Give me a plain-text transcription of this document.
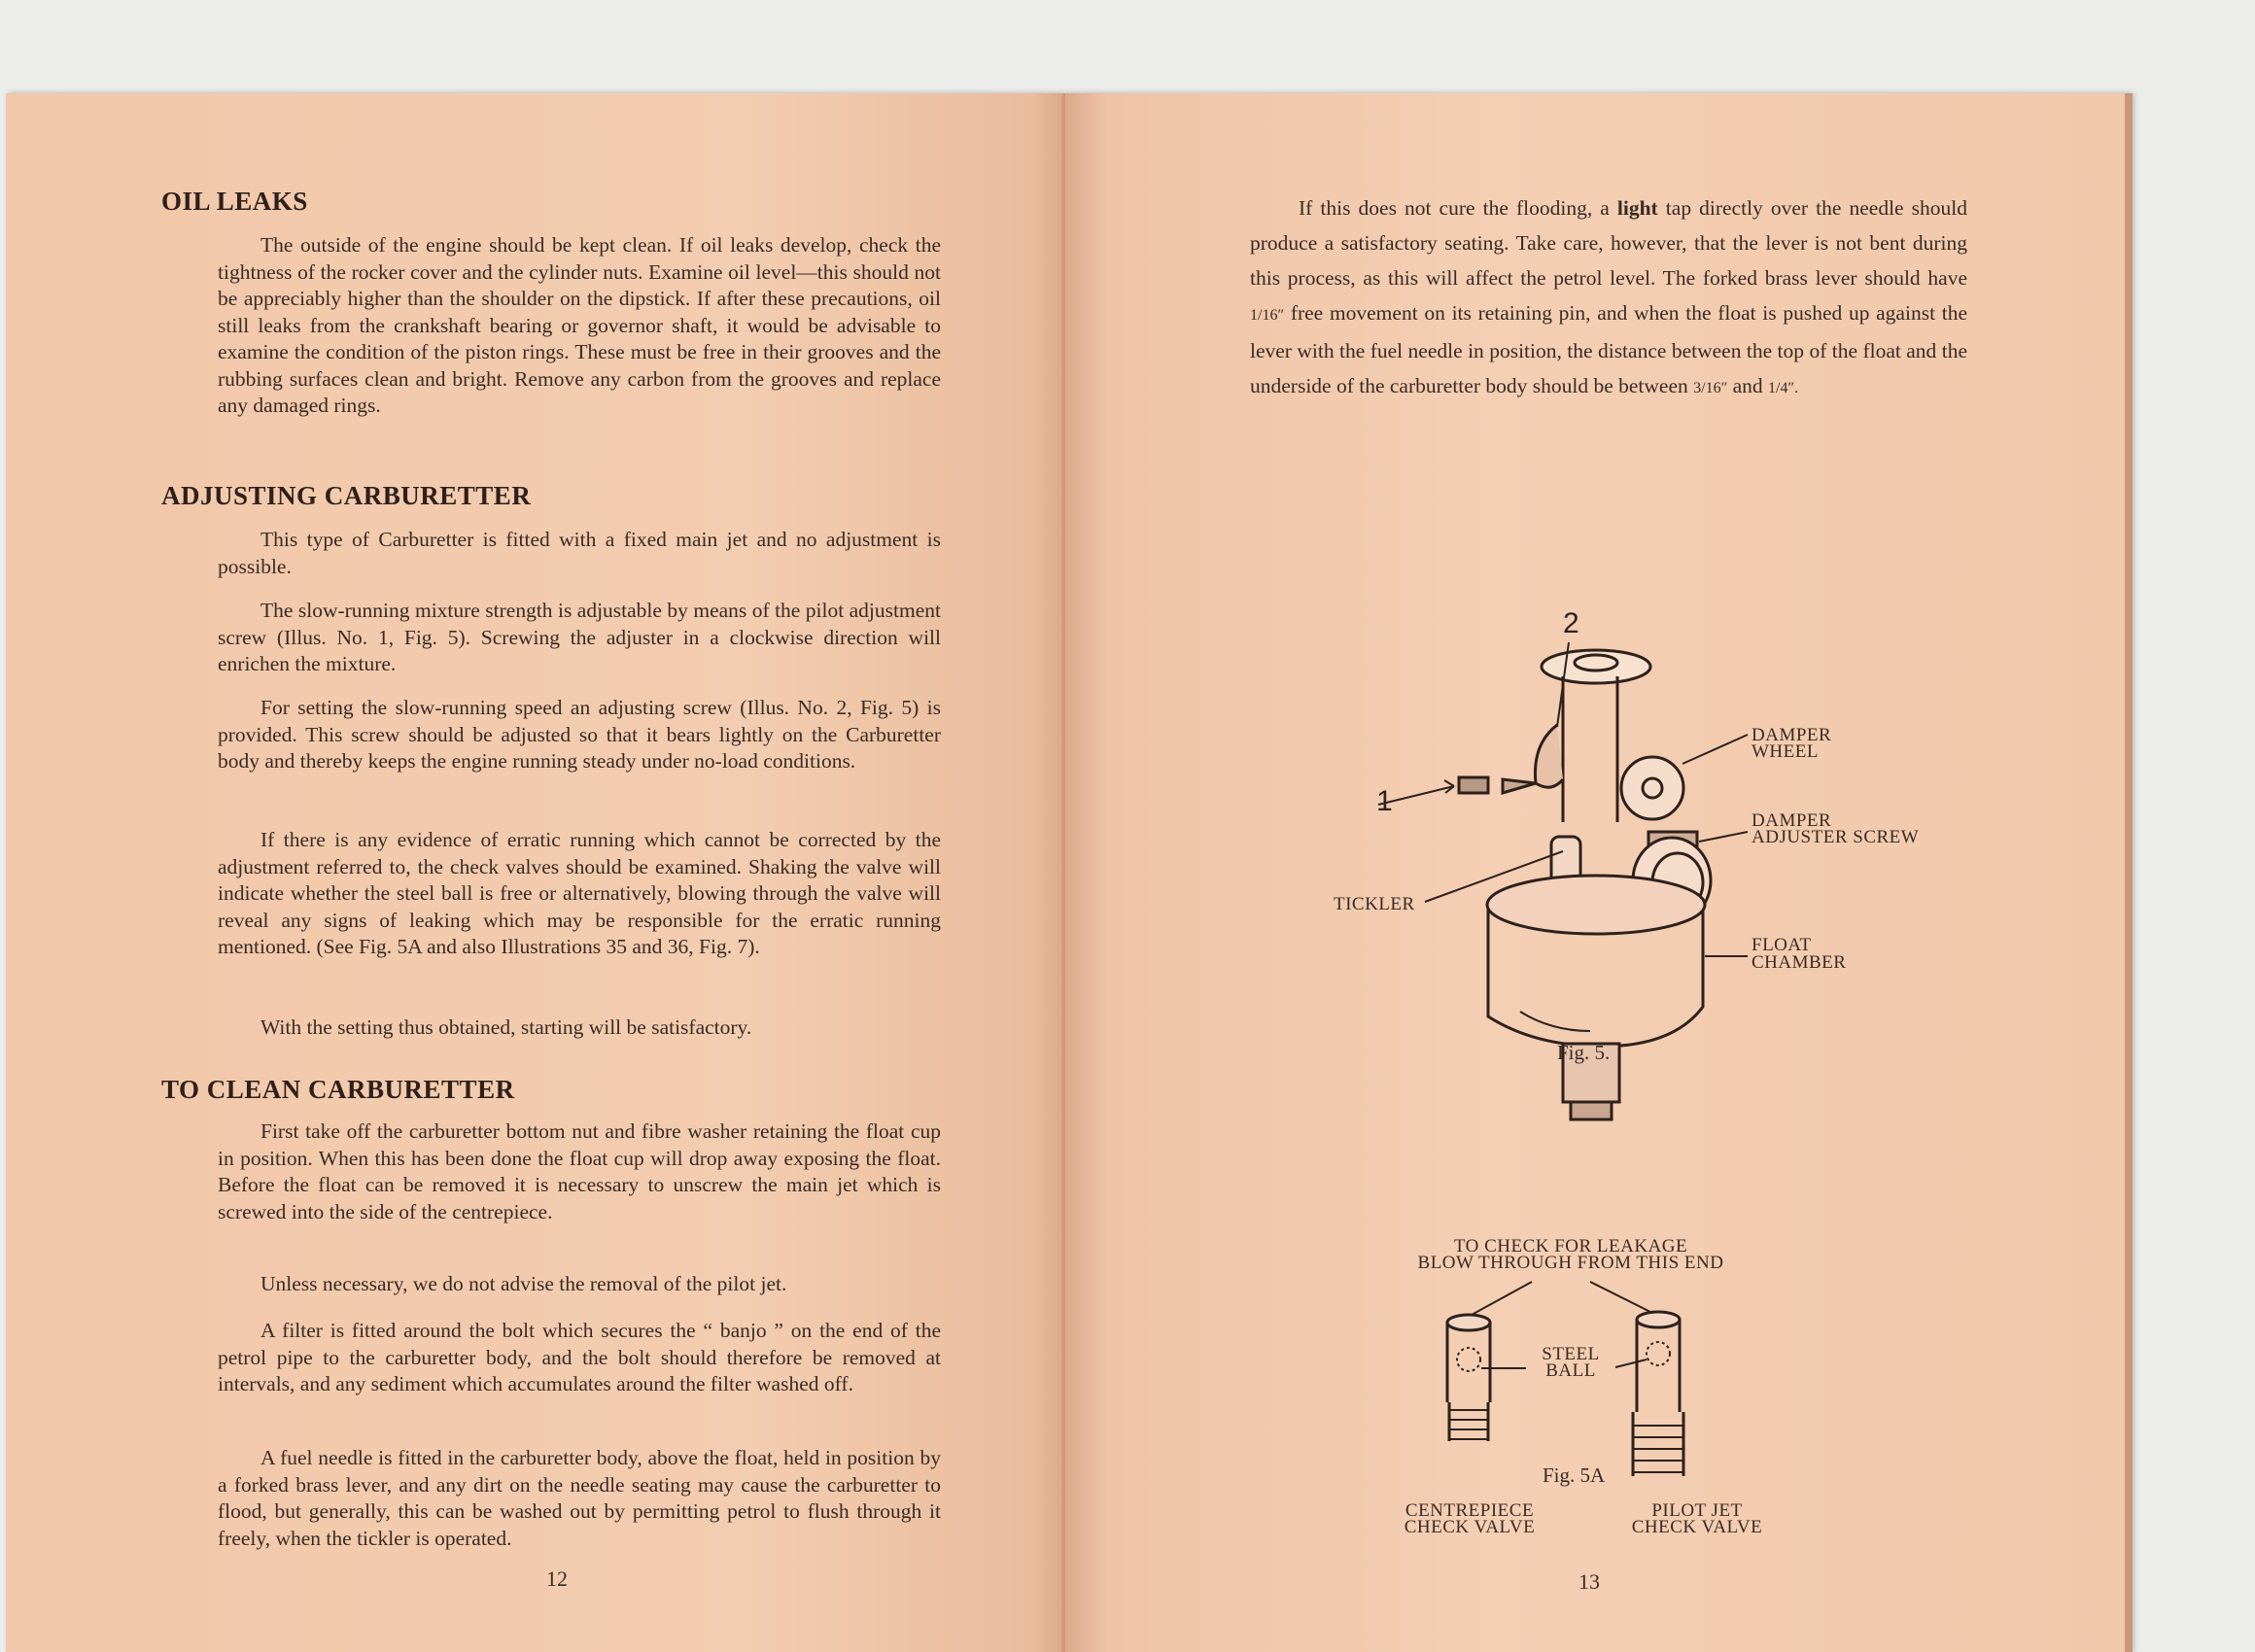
OIL LEAKS

The outside of the engine should be kept clean. If oil leaks develop, check the tightness of the rocker cover and the cylinder nuts. Examine oil level—this should not be appreciably higher than the shoulder on the dipstick. If after these precautions, oil still leaks from the crankshaft bearing or governor shaft, it would be advisable to examine the condition of the piston rings. These must be free in their grooves and the rubbing surfaces clean and bright. Remove any carbon from the grooves and replace any damaged rings.

ADJUSTING CARBURETTER

This type of Carburetter is fitted with a fixed main jet and no adjustment is possible.

The slow-running mixture strength is adjustable by means of the pilot adjustment screw (Illus. No. 1, Fig. 5). Screwing the adjuster in a clockwise direction will enrichen the mixture.

For setting the slow-running speed an adjusting screw (Illus. No. 2, Fig. 5) is provided. This screw should be adjusted so that it bears lightly on the Carburetter body and thereby keeps the engine running steady under no-load conditions.

If there is any evidence of erratic running which cannot be corrected by the adjustment referred to, the check valves should be examined. Shaking the valve will indicate whether the steel ball is free or alternatively, blowing through the valve will reveal any signs of leaking which may be responsible for the erratic running mentioned. (See Fig. 5A and also Illustrations 35 and 36, Fig. 7).

With the setting thus obtained, starting will be satisfactory.

TO CLEAN CARBURETTER

First take off the carburetter bottom nut and fibre washer retaining the float cup in position. When this has been done the float cup will drop away exposing the float. Before the float can be removed it is necessary to unscrew the main jet which is screwed into the side of the centrepiece.

Unless necessary, we do not advise the removal of the pilot jet.

A filter is fitted around the bolt which secures the “ banjo ” on the end of the petrol pipe to the carburetter body, and the bolt should therefore be removed at intervals, and any sediment which accumulates around the filter washed off.

A fuel needle is fitted in the carburetter body, above the float, held in position by a forked brass lever, and any dirt on the needle seating may cause the carburetter to flood, but generally, this can be washed out by permitting petrol to flush through it freely, when the tickler is operated.

12

If this does not cure the flooding, a light tap directly over the needle should produce a satisfactory seating. Take care, however, that the lever is not bent during this process, as this will affect the petrol level. The forked brass lever should have 1/16″ free movement on its retaining pin, and when the float is pushed up against the lever with the fuel needle in position, the distance between the top of the float and the underside of the carburetter body should be between 3/16″ and 1/4″.

1
2
DAMPER
WHEEL
DAMPER
ADJUSTER SCREW
TICKLER
FLOAT
CHAMBER
Fig. 5.
TO CHECK FOR LEAKAGE
BLOW THROUGH FROM THIS END
STEEL
BALL
CENTREPIECE
CHECK VALVE
PILOT JET
CHECK VALVE
Fig. 5A
13
